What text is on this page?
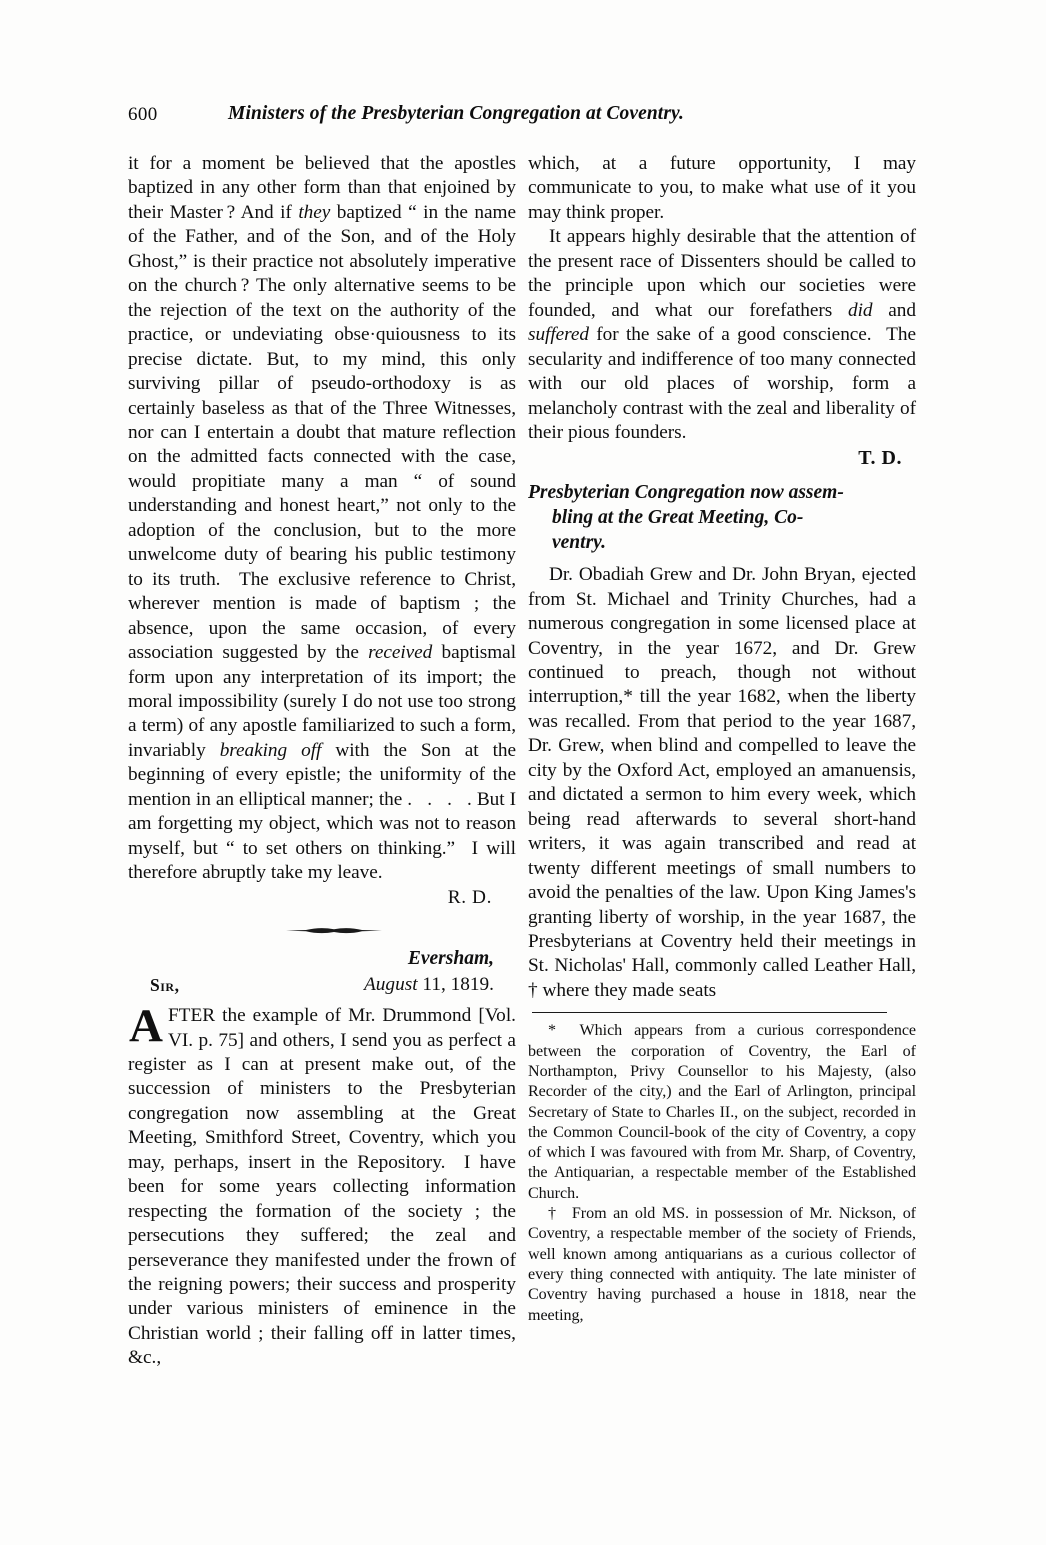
600	Ministers of the Presbyterian Congregation at Coventry.

it for a moment be believed that the apostles baptized in any other form than that enjoined by their Master ? And if they baptized “ in the name of the Father, and of the Son, and of the Holy Ghost,” is their practice not absolutely imperative on the church ? The only alternative seems to be the rejection of the text on the authority of the practice, or undeviating obse·quiousness to its precise dictate. But, to my mind, this only surviving pillar of pseudo-orthodoxy is as certainly baseless as that of the Three Witnesses, nor can I entertain a doubt that mature reflection on the admitted facts connected with the case, would propitiate many a man “ of sound understanding and honest heart,” not only to the adoption of the conclusion, but to the more unwelcome duty of bearing his public testimony to its truth.  The exclusive reference to Christ, wherever mention is made of baptism ; the absence, upon the same occasion, of every association suggested by the received baptismal form upon any interpretation of its import; the moral impossibility (surely I do not use too strong a term) of any apostle familiarized to such a form, invariably breaking off with the Son at the beginning of every epistle; the uniformity of the mention in an elliptical manner; the .   .   .   . But I am forgetting my object, which was not to reason myself, but “ to set others on thinking.”  I will therefore abruptly take my leave.

R. D.
Eversham,
Sir,	August 11, 1819.
AFTER the example of Mr. Drummond [Vol. VI. p. 75] and others, I send you as perfect a register as I can at present make out, of the succession of ministers to the Presbyterian congregation now assembling at the Great Meeting, Smithford Street, Coventry, which you may, perhaps, insert in the Repository.  I have been for some years collecting information respecting the formation of the society ; the persecutions they suffered; the zeal and perseverance they manifested under the frown of the reigning powers; their success and prosperity under various ministers of eminence in the Christian world ; their falling off in latter times, &c.,

which, at a future opportunity, I may communicate to you, to make what use of it you may think proper.

It appears highly desirable that the attention of the present race of Dissenters should be called to the principle upon which our societies were founded, and what our forefathers did and suffered for the sake of a good conscience.  The secularity and indifference of too many connected with our old places of worship, form a melancholy contrast with the zeal and liberality of their pious founders.

T. D.
Presbyterian Congregation now assem-
bling at the Great Meeting, Co-
ventry.

Dr. Obadiah Grew and Dr. John Bryan, ejected from St. Michael and Trinity Churches, had a numerous congregation in some licensed place at Coventry, in the year 1672, and Dr. Grew continued to preach, though not without interruption,* till the year 1682, when the liberty was recalled. From that period to the year 1687, Dr. Grew, when blind and compelled to leave the city by the Oxford Act, employed an amanuensis, and dictated a sermon to him every week, which being read afterwards to several short-hand writers, it was again transcribed and read at twenty different meetings of small numbers to avoid the penalties of the law. Upon King James's granting liberty of worship, in the year 1687, the Presbyterians at Coventry held their meetings in St. Nicholas' Hall, commonly called Leather Hall, † where they made seats

* Which appears from a curious correspondence between the corporation of Coventry, the Earl of Northampton, Privy Counsellor to his Majesty, (also Recorder of the city,) and the Earl of Arlington, principal Secretary of State to Charles II., on the subject, recorded in the Common Council-book of the city of Coventry, a copy of which I was favoured with from Mr. Sharp, of Coventry, the Antiquarian, a respectable member of the Established Church.

† From an old MS. in possession of Mr. Nickson, of Coventry, a respectable member of the society of Friends, well known among antiquarians as a curious collector of every thing connected with antiquity. The late minister of Coventry having purchased a house in 1818, near the meeting,
